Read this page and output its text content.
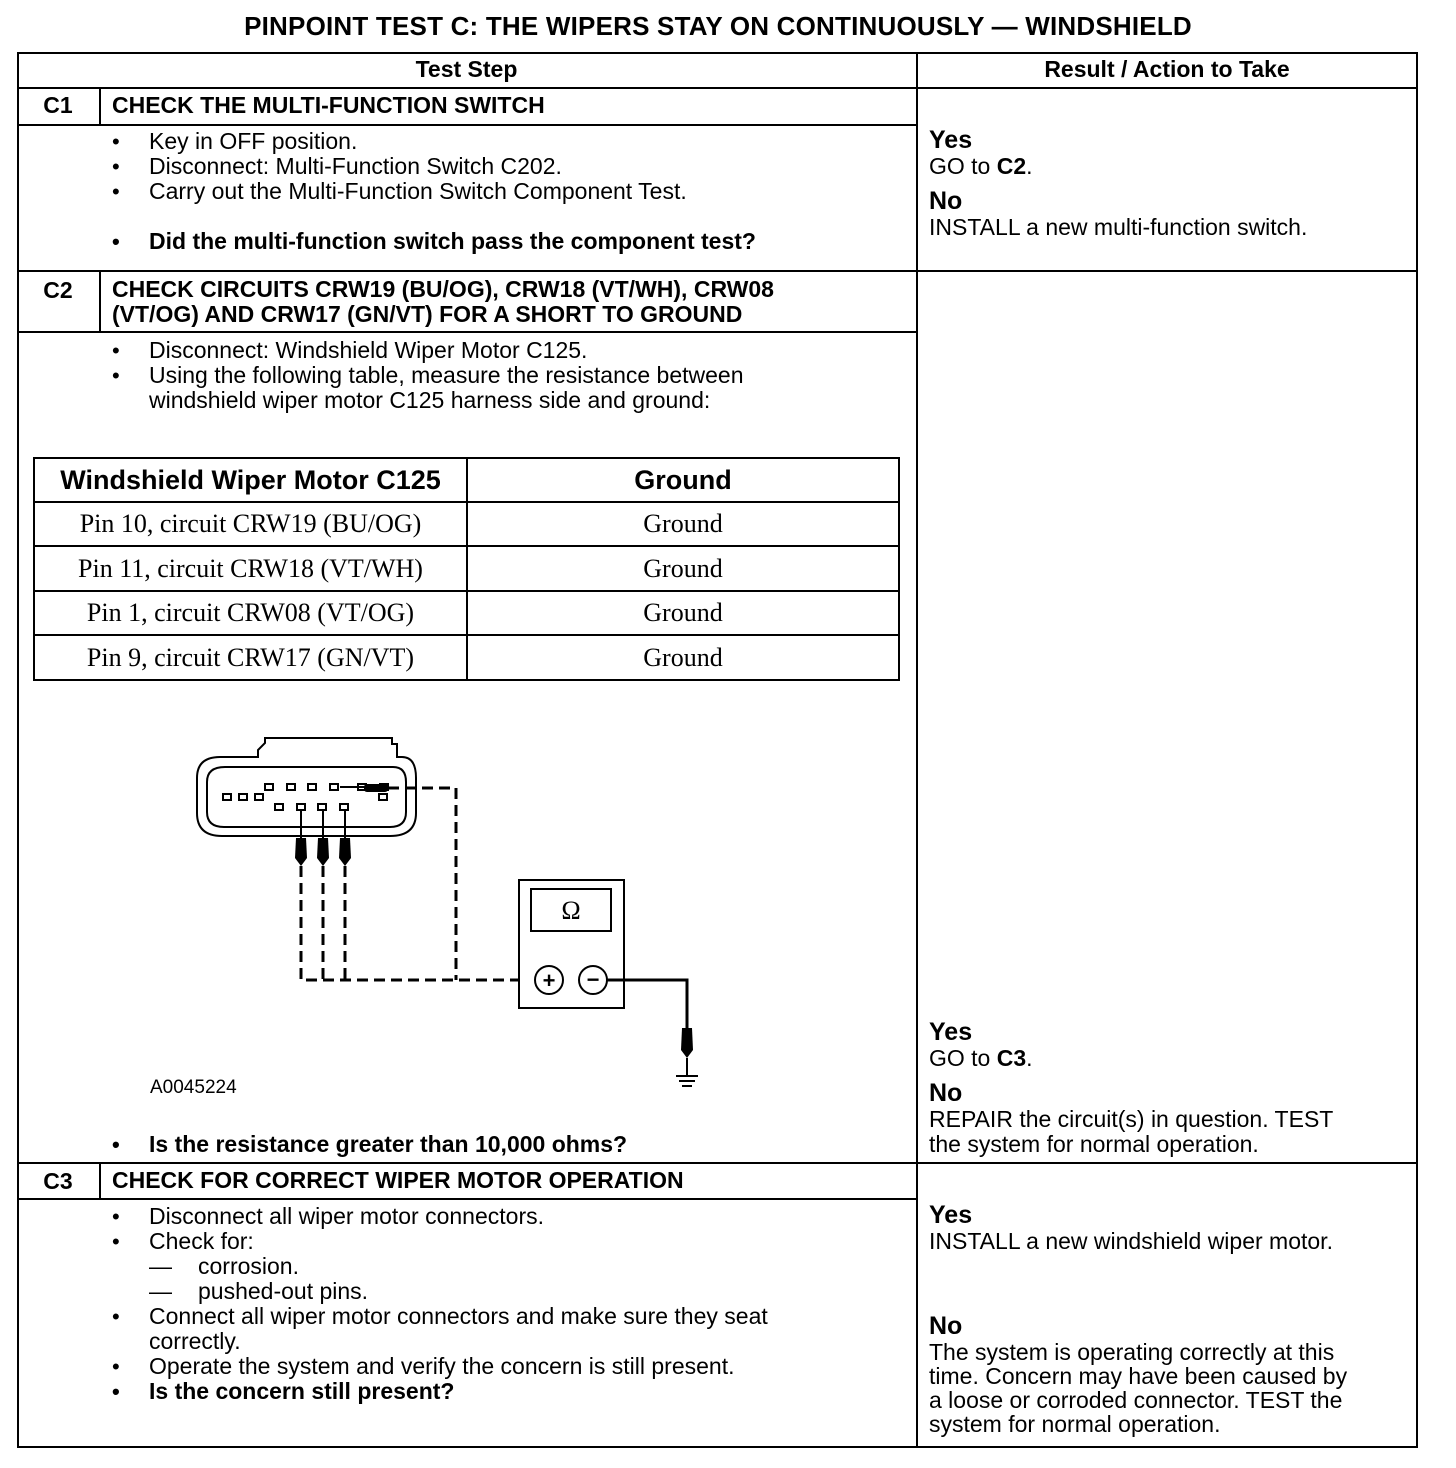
PINPOINT TEST C: THE WIPERS STAY ON CONTINUOUSLY — WINDSHIELD
Test Step	Result / Action to Take
C1	CHECK THE MULTI-FUNCTION SWITCH
• Key in OFF position.
• Disconnect: Multi-Function Switch C202.
• Carry out the Multi-Function Switch Component Test.
• Did the multi-function switch pass the component test?
Yes
GO to C2.
No
INSTALL a new multi-function switch.
C2	CHECK CIRCUITS CRW19 (BU/OG), CRW18 (VT/WH), CRW08
(VT/OG) AND CRW17 (GN/VT) FOR A SHORT TO GROUND
• Disconnect: Windshield Wiper Motor C125.
• Using the following table, measure the resistance between
windshield wiper motor C125 harness side and ground:
Windshield Wiper Motor C125	Ground
Pin 10, circuit CRW19 (BU/OG)	Ground
Pin 11, circuit CRW18 (VT/WH)	Ground
Pin 1, circuit CRW08 (VT/OG)	Ground
Pin 9, circuit CRW17 (GN/VT)	Ground
Ω
+ −
A0045224
• Is the resistance greater than 10,000 ohms?
Yes
GO to C3.
No
REPAIR the circuit(s) in question. TEST
the system for normal operation.
C3	CHECK FOR CORRECT WIPER MOTOR OPERATION
• Disconnect all wiper motor connectors.
• Check for:
— corrosion.
— pushed-out pins.
• Connect all wiper motor connectors and make sure they seat
correctly.
• Operate the system and verify the concern is still present.
• Is the concern still present?
Yes
INSTALL a new windshield wiper motor.
No
The system is operating correctly at this
time. Concern may have been caused by
a loose or corroded connector. TEST the
system for normal operation.
